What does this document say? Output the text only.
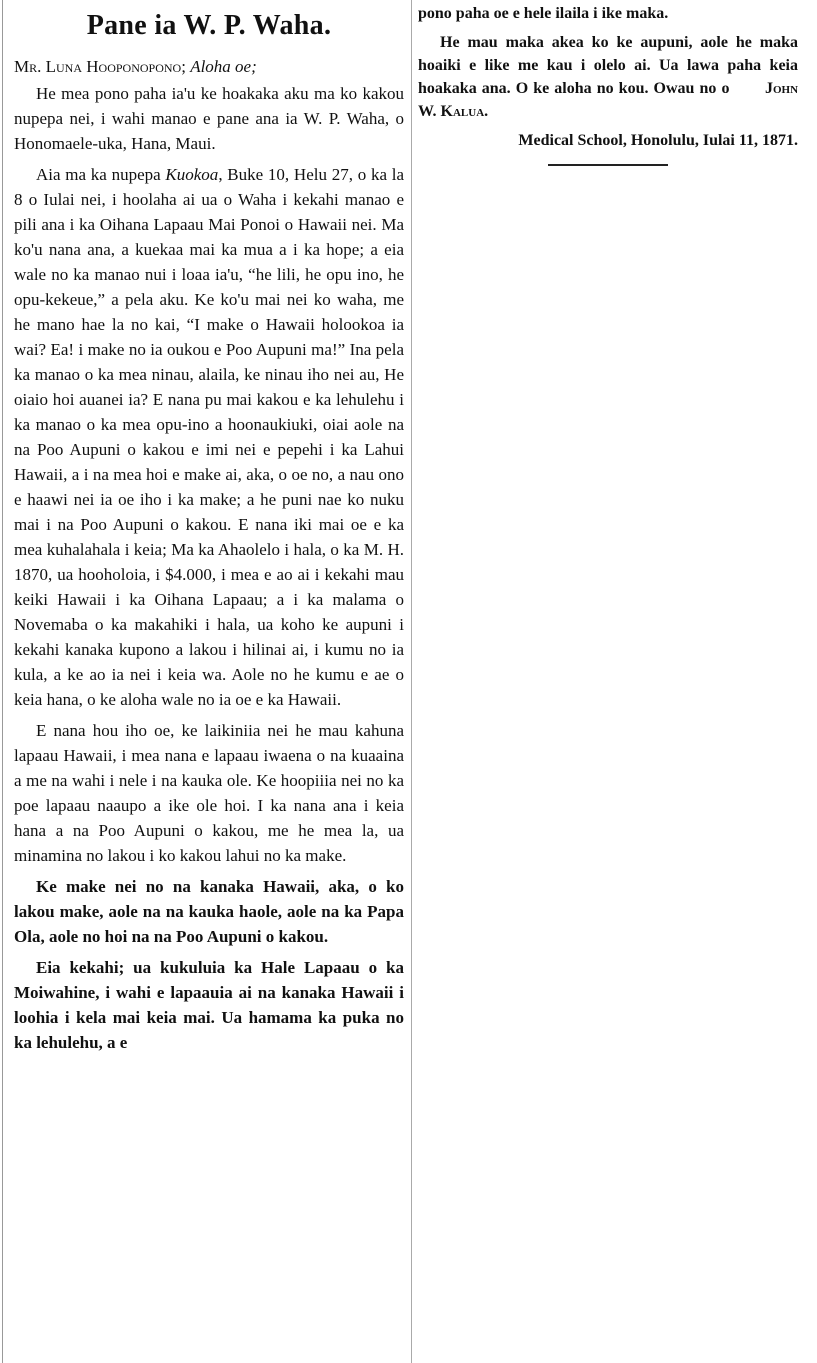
Pane ia W. P. Waha.

Mr. Luna Hooponopono; Aloha oe;

He mea pono paha ia'u ke hoakaka aku ma ko kakou nupepa nei, i wahi manao e pane ana ia W. P. Waha, o Honomaele-uka, Hana, Maui.

Aia ma ka nupepa Kuokoa, Buke 10, Helu 27, o ka la 8 o Iulai nei, i hoolaha ai ua o Waha i kekahi manao e pili ana i ka Oihana Lapaau Mai Ponoi o Hawaii nei. Ma ko'u nana ana, a kuekaa mai ka mua a i ka hope; a eia wale no ka manao nui i loaa ia'u, “he lili, he opu ino, he opu-kekeue,” a pela aku. Ke ko'u mai nei ko waha, me he mano hae la no kai, “I make o Hawaii holookoa ia wai? Ea! i make no ia oukou e Poo Aupuni ma!” Ina pela ka manao o ka mea ninau, alaila, ke ninau iho nei au, He oiaio hoi auanei ia? E nana pu mai kakou e ka lehulehu i ka manao o ka mea opu-ino a hoonaukiuki, oiai aole na na Poo Aupuni o kakou e imi nei e pepehi i ka Lahui Hawaii, a i na mea hoi e make ai, aka, o oe no, a nau ono e haawi nei ia oe iho i ka make; a he puni nae ko nuku mai i na Poo Aupuni o kakou. E nana iki mai oe e ka mea kuhalahala i keia; Ma ka Ahaolelo i hala, o ka M. H. 1870, ua hooholoia, i $4.000, i mea e ao ai i kekahi mau keiki Hawaii i ka Oihana Lapaau; a i ka malama o Novemaba o ka makahiki i hala, ua koho ke aupuni i kekahi kanaka kupono a lakou i hilinai ai, i kumu no ia kula, a ke ao ia nei i keia wa. Aole no he kumu e ae o keia hana, o ke aloha wale no ia oe e ka Hawaii.

E nana hou iho oe, ke laikiniia nei he mau kahuna lapaau Hawaii, i mea nana e lapaau iwaena o na kuaaina a me na wahi i nele i na kauka ole. Ke hoopiiia nei no ka poe lapaau naaupo a ike ole hoi. I ka nana ana i keia hana a na Poo Aupuni o kakou, me he mea la, ua minamina no lakou i ko kakou lahui no ka make.

Ke make nei no na kanaka Hawaii, aka, o ko lakou make, aole na na kauka haole, aole na ka Papa Ola, aole no hoi na na Poo Aupuni o kakou.

Eia kekahi; ua kukuluia ka Hale Lapaau o ka Moiwahine, i wahi e lapaauia ai na kanaka Hawaii i loohia i kela mai keia mai. Ua hamama ka puka no ka lehulehu, a e

pono paha oe e hele ilaila i ike maka.

He mau maka akea ko ke aupuni, aole he maka hoaiki e like me kau i olelo ai. Ua lawa paha keia hoakaka ana. O ke aloha no kou. Owau no o John W. Kalua.

Medical School, Honolulu, Iulai 11, 1871.
